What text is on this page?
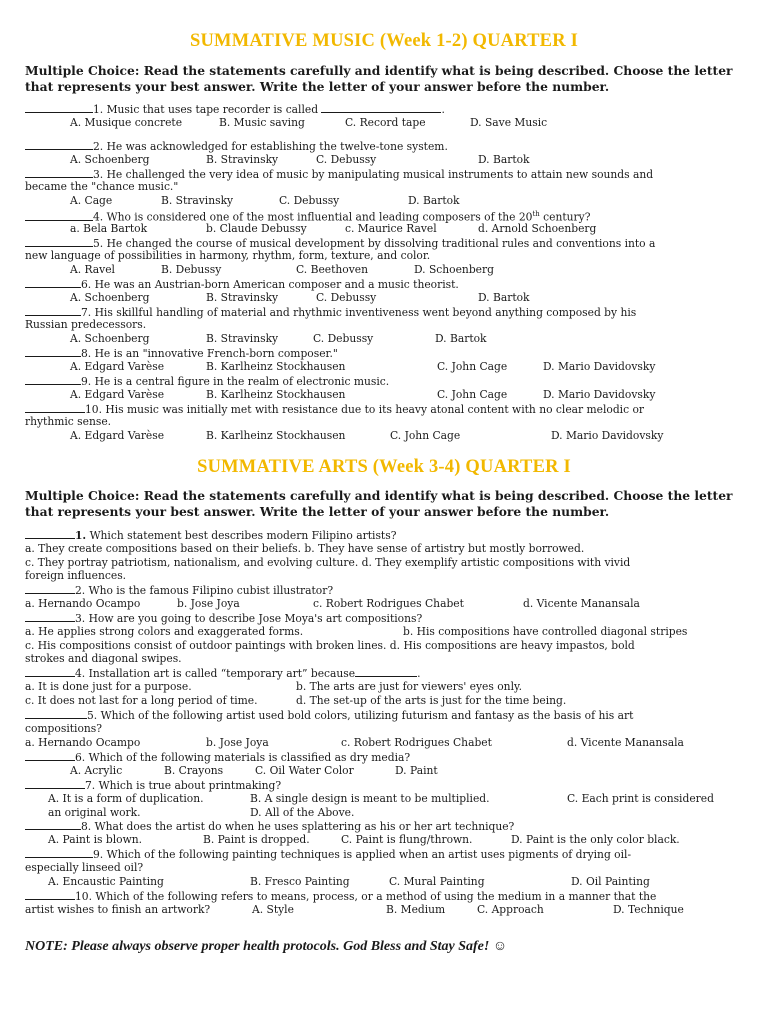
SUMMATIVE MUSIC (Week 1-2) QUARTER I
Multiple Choice: Read the statements carefully and identify what is being described. Choose the letter that represents your best answer. Write the letter of your answer before the number.
1. Music that uses tape recorder is called	.
A. Musique concrete	B. Music saving	C. Record tape	D. Save Music
2. He was acknowledged for establishing the twelve-tone system.
A. Schoenberg	B. Stravinsky	C. Debussy	D. Bartok
3. He challenged the very idea of music by manipulating musical instruments to attain new sounds and
became the "chance music."
A. Cage	B. Stravinsky	C. Debussy	D. Bartok
4. Who is considered one of the most influential and leading composers of the 20th century?
a. Bela Bartok	b. Claude Debussy	c. Maurice Ravel	d. Arnold Schoenberg
5. He changed the course of musical development by dissolving traditional rules and conventions into a
new language of possibilities in harmony, rhythm, form, texture, and color.
A. Ravel	B. Debussy	C. Beethoven	D. Schoenberg
6. He was an Austrian-born American composer and a music theorist.
A. Schoenberg	B. Stravinsky	C. Debussy	D. Bartok
7. His skillful handling of material and rhythmic inventiveness went beyond anything composed by his
Russian predecessors.
A. Schoenberg	B. Stravinsky	C. Debussy	D. Bartok
8. He is an "innovative French-born composer."
A. Edgard Varèse	B. Karlheinz Stockhausen	C. John Cage	D. Mario Davidovsky
9. He is a central figure in the realm of electronic music.
A. Edgard Varèse	B. Karlheinz Stockhausen	C. John Cage	D. Mario Davidovsky
10. His music was initially met with resistance due to its heavy atonal content with no clear melodic or
rhythmic sense.
A. Edgard Varèse	B. Karlheinz Stockhausen	C. John Cage	D. Mario Davidovsky
SUMMATIVE ARTS (Week 3-4) QUARTER I
Multiple Choice: Read the statements carefully and identify what is being described. Choose the letter that represents your best answer. Write the letter of your answer before the number.
1. Which statement best describes modern Filipino artists?
a. They create compositions based on their beliefs. b. They have sense of artistry but mostly borrowed.
c. They portray patriotism, nationalism, and evolving culture. d. They exemplify artistic compositions with vivid
foreign influences.
2. Who is the famous Filipino cubist illustrator?
a. Hernando Ocampo	b. Jose Joya	c. Robert Rodrigues Chabet	d. Vicente Manansala
3. How are you going to describe Jose Moya's art compositions?
a. He applies strong colors and exaggerated forms.	b. His compositions have controlled diagonal stripes
c. His compositions consist of outdoor paintings with broken lines. d. His compositions are heavy impastos, bold
strokes and diagonal swipes.
4. Installation art is called “temporary art” because	.
a. It is done just for a purpose.	b. The arts are just for viewers' eyes only.
c. It does not last for a long period of time.	d. The set-up of the arts is just for the time being.
5. Which of the following artist used bold colors, utilizing futurism and fantasy as the basis of his art
compositions?
a. Hernando Ocampo	b. Jose Joya	c. Robert Rodrigues Chabet	d. Vicente Manansala
6. Which of the following materials is classified as dry media?
A. Acrylic	B. Crayons	C. Oil Water Color	D. Paint
7. Which is true about printmaking?
A. It is a form of duplication.	B. A single design is meant to be multiplied.	C. Each print is considered
an original work.	D. All of the Above.
8. What does the artist do when he uses splattering as his or her art technique?
A. Paint is blown.	B. Paint is dropped.	C. Paint is flung/thrown.	D. Paint is the only color black.
9. Which of the following painting techniques is applied when an artist uses pigments of drying oil-
especially linseed oil?
A. Encaustic Painting	B. Fresco Painting	C. Mural Painting	D. Oil Painting
10. Which of the following refers to means, process, or a method of using the medium in a manner that the
artist wishes to finish an artwork?	A. Style	B. Medium	C. Approach	D. Technique
NOTE: Please always observe proper health protocols. God Bless and Stay Safe! ☺
